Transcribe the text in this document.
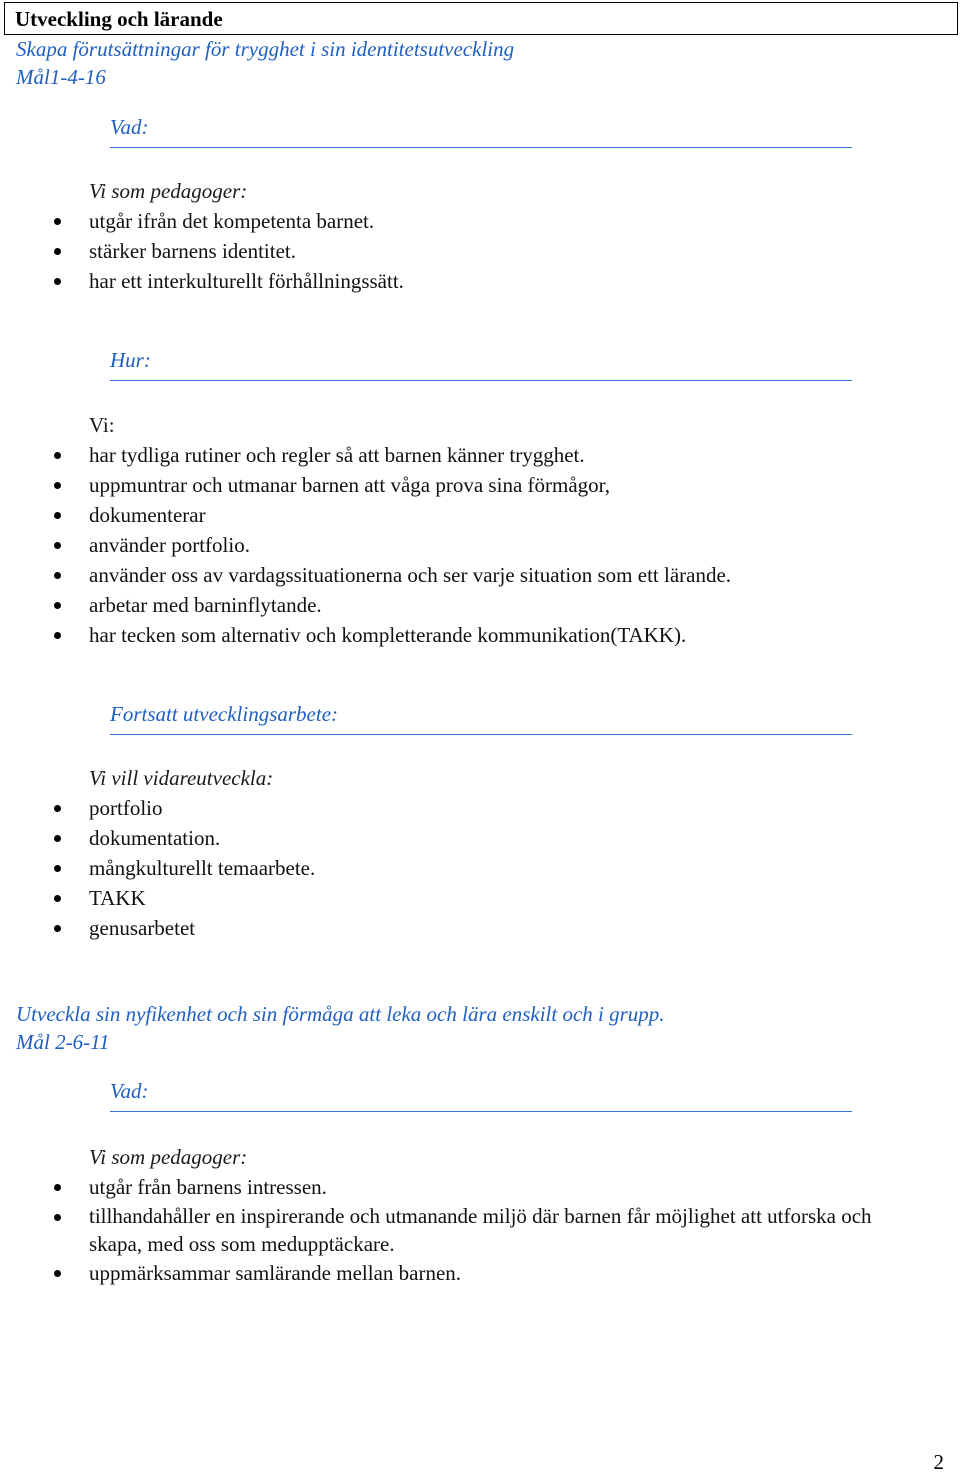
Utveckling och lärande
Skapa förutsättningar för trygghet i sin identitetsutveckling
Mål1-4-16
Vad:
Vi som pedagoger:
utgår ifrån det kompetenta barnet.
stärker barnens identitet.
har ett interkulturellt förhållningssätt.
Hur:
Vi:
har tydliga rutiner och regler så att barnen känner trygghet.
uppmuntrar och utmanar barnen att våga prova sina förmågor,
dokumenterar
använder portfolio.
använder oss av vardagssituationerna och ser varje situation som ett lärande.
arbetar med barninflytande.
har tecken som alternativ och kompletterande kommunikation(TAKK).
Fortsatt utvecklingsarbete:
Vi vill vidareutveckla:
portfolio
dokumentation.
mångkulturellt temaarbete.
TAKK
genusarbetet
Utveckla sin nyfikenhet och sin förmåga att leka och lära enskilt och i grupp.
Mål 2-6-11
Vad:
Vi som pedagoger:
utgår från barnens intressen.
tillhandahåller en inspirerande och utmanande miljö där barnen får möjlighet att utforska och skapa, med oss som medupptäckare.
uppmärksammar samlärande mellan barnen.
2
